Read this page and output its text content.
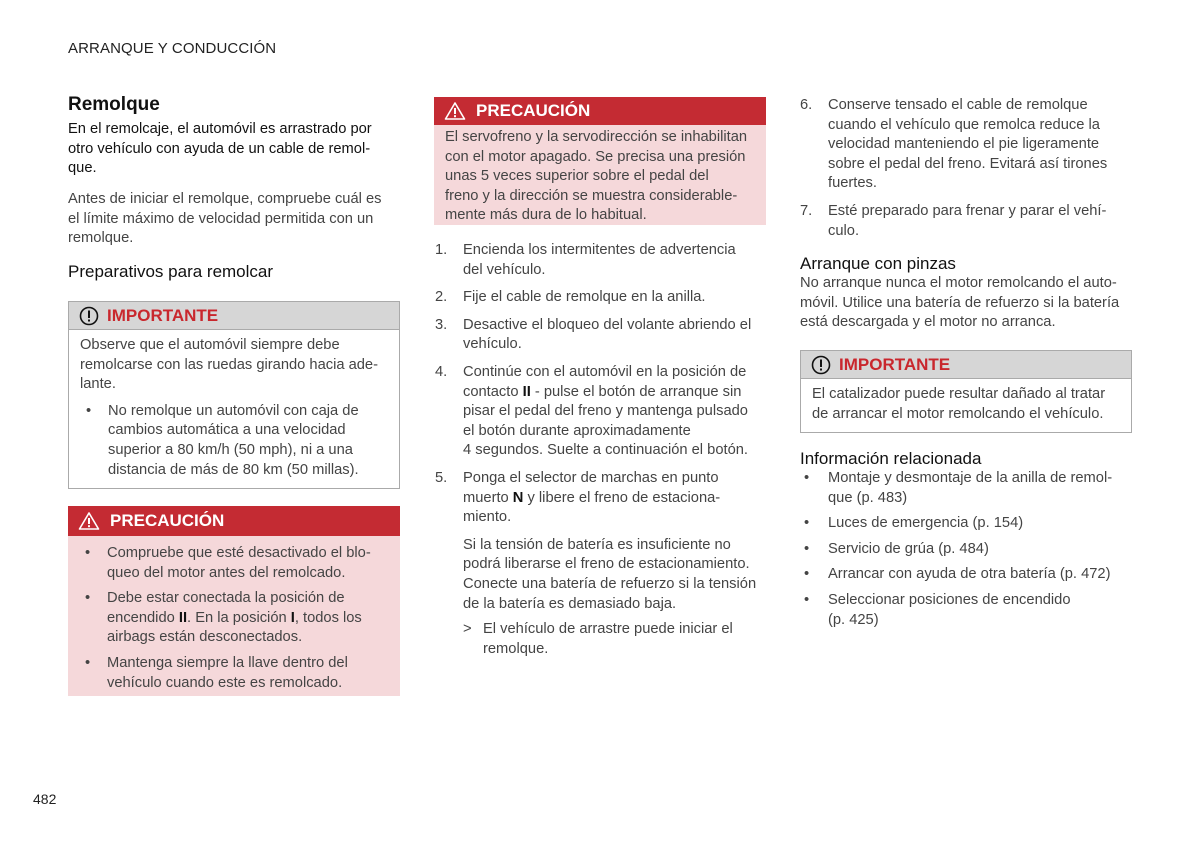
ARRANQUE Y CONDUCCIÓN
Remolque
En el remolcaje, el automóvil es arrastrado por
otro vehículo con ayuda de un cable de remol-
que.
Antes de iniciar el remolque, compruebe cuál es
el límite máximo de velocidad permitida con un
remolque.
Preparativos para remolcar
IMPORTANTE
Observe que el automóvil siempre debe
remolcarse con las ruedas girando hacia ade-
lante.
• No remolque un automóvil con caja de
cambios automática a una velocidad
superior a 80 km/h (50 mph), ni a una
distancia de más de 80 km (50 millas).
PRECAUCIÓN
• Compruebe que esté desactivado el blo-
queo del motor antes del remolcado.
• Debe estar conectada la posición de
encendido II. En la posición I, todos los
airbags están desconectados.
• Mantenga siempre la llave dentro del
vehículo cuando este es remolcado.
PRECAUCIÓN
El servofreno y la servodirección se inhabilitan
con el motor apagado. Se precisa una presión
unas 5 veces superior sobre el pedal del
freno y la dirección se muestra considerable-
mente más dura de lo habitual.
1. Encienda los intermitentes de advertencia
del vehículo.
2. Fije el cable de remolque en la anilla.
3. Desactive el bloqueo del volante abriendo el
vehículo.
4. Continúe con el automóvil en la posición de
contacto II - pulse el botón de arranque sin
pisar el pedal del freno y mantenga pulsado
el botón durante aproximadamente
4 segundos. Suelte a continuación el botón.
5. Ponga el selector de marchas en punto
muerto N y libere el freno de estaciona-
miento.
Si la tensión de batería es insuficiente no
podrá liberarse el freno de estacionamiento.
Conecte una batería de refuerzo si la tensión
de la batería es demasiado baja.
> El vehículo de arrastre puede iniciar el
remolque.
6. Conserve tensado el cable de remolque
cuando el vehículo que remolca reduce la
velocidad manteniendo el pie ligeramente
sobre el pedal del freno. Evitará así tirones
fuertes.
7. Esté preparado para frenar y parar el vehí-
culo.
Arranque con pinzas
No arranque nunca el motor remolcando el auto-
móvil. Utilice una batería de refuerzo si la batería
está descargada y el motor no arranca.
IMPORTANTE
El catalizador puede resultar dañado al tratar
de arrancar el motor remolcando el vehículo.
Información relacionada
• Montaje y desmontaje de la anilla de remol-
que (p. 483)
• Luces de emergencia (p. 154)
• Servicio de grúa (p. 484)
• Arrancar con ayuda de otra batería (p. 472)
• Seleccionar posiciones de encendido
(p. 425)
482
